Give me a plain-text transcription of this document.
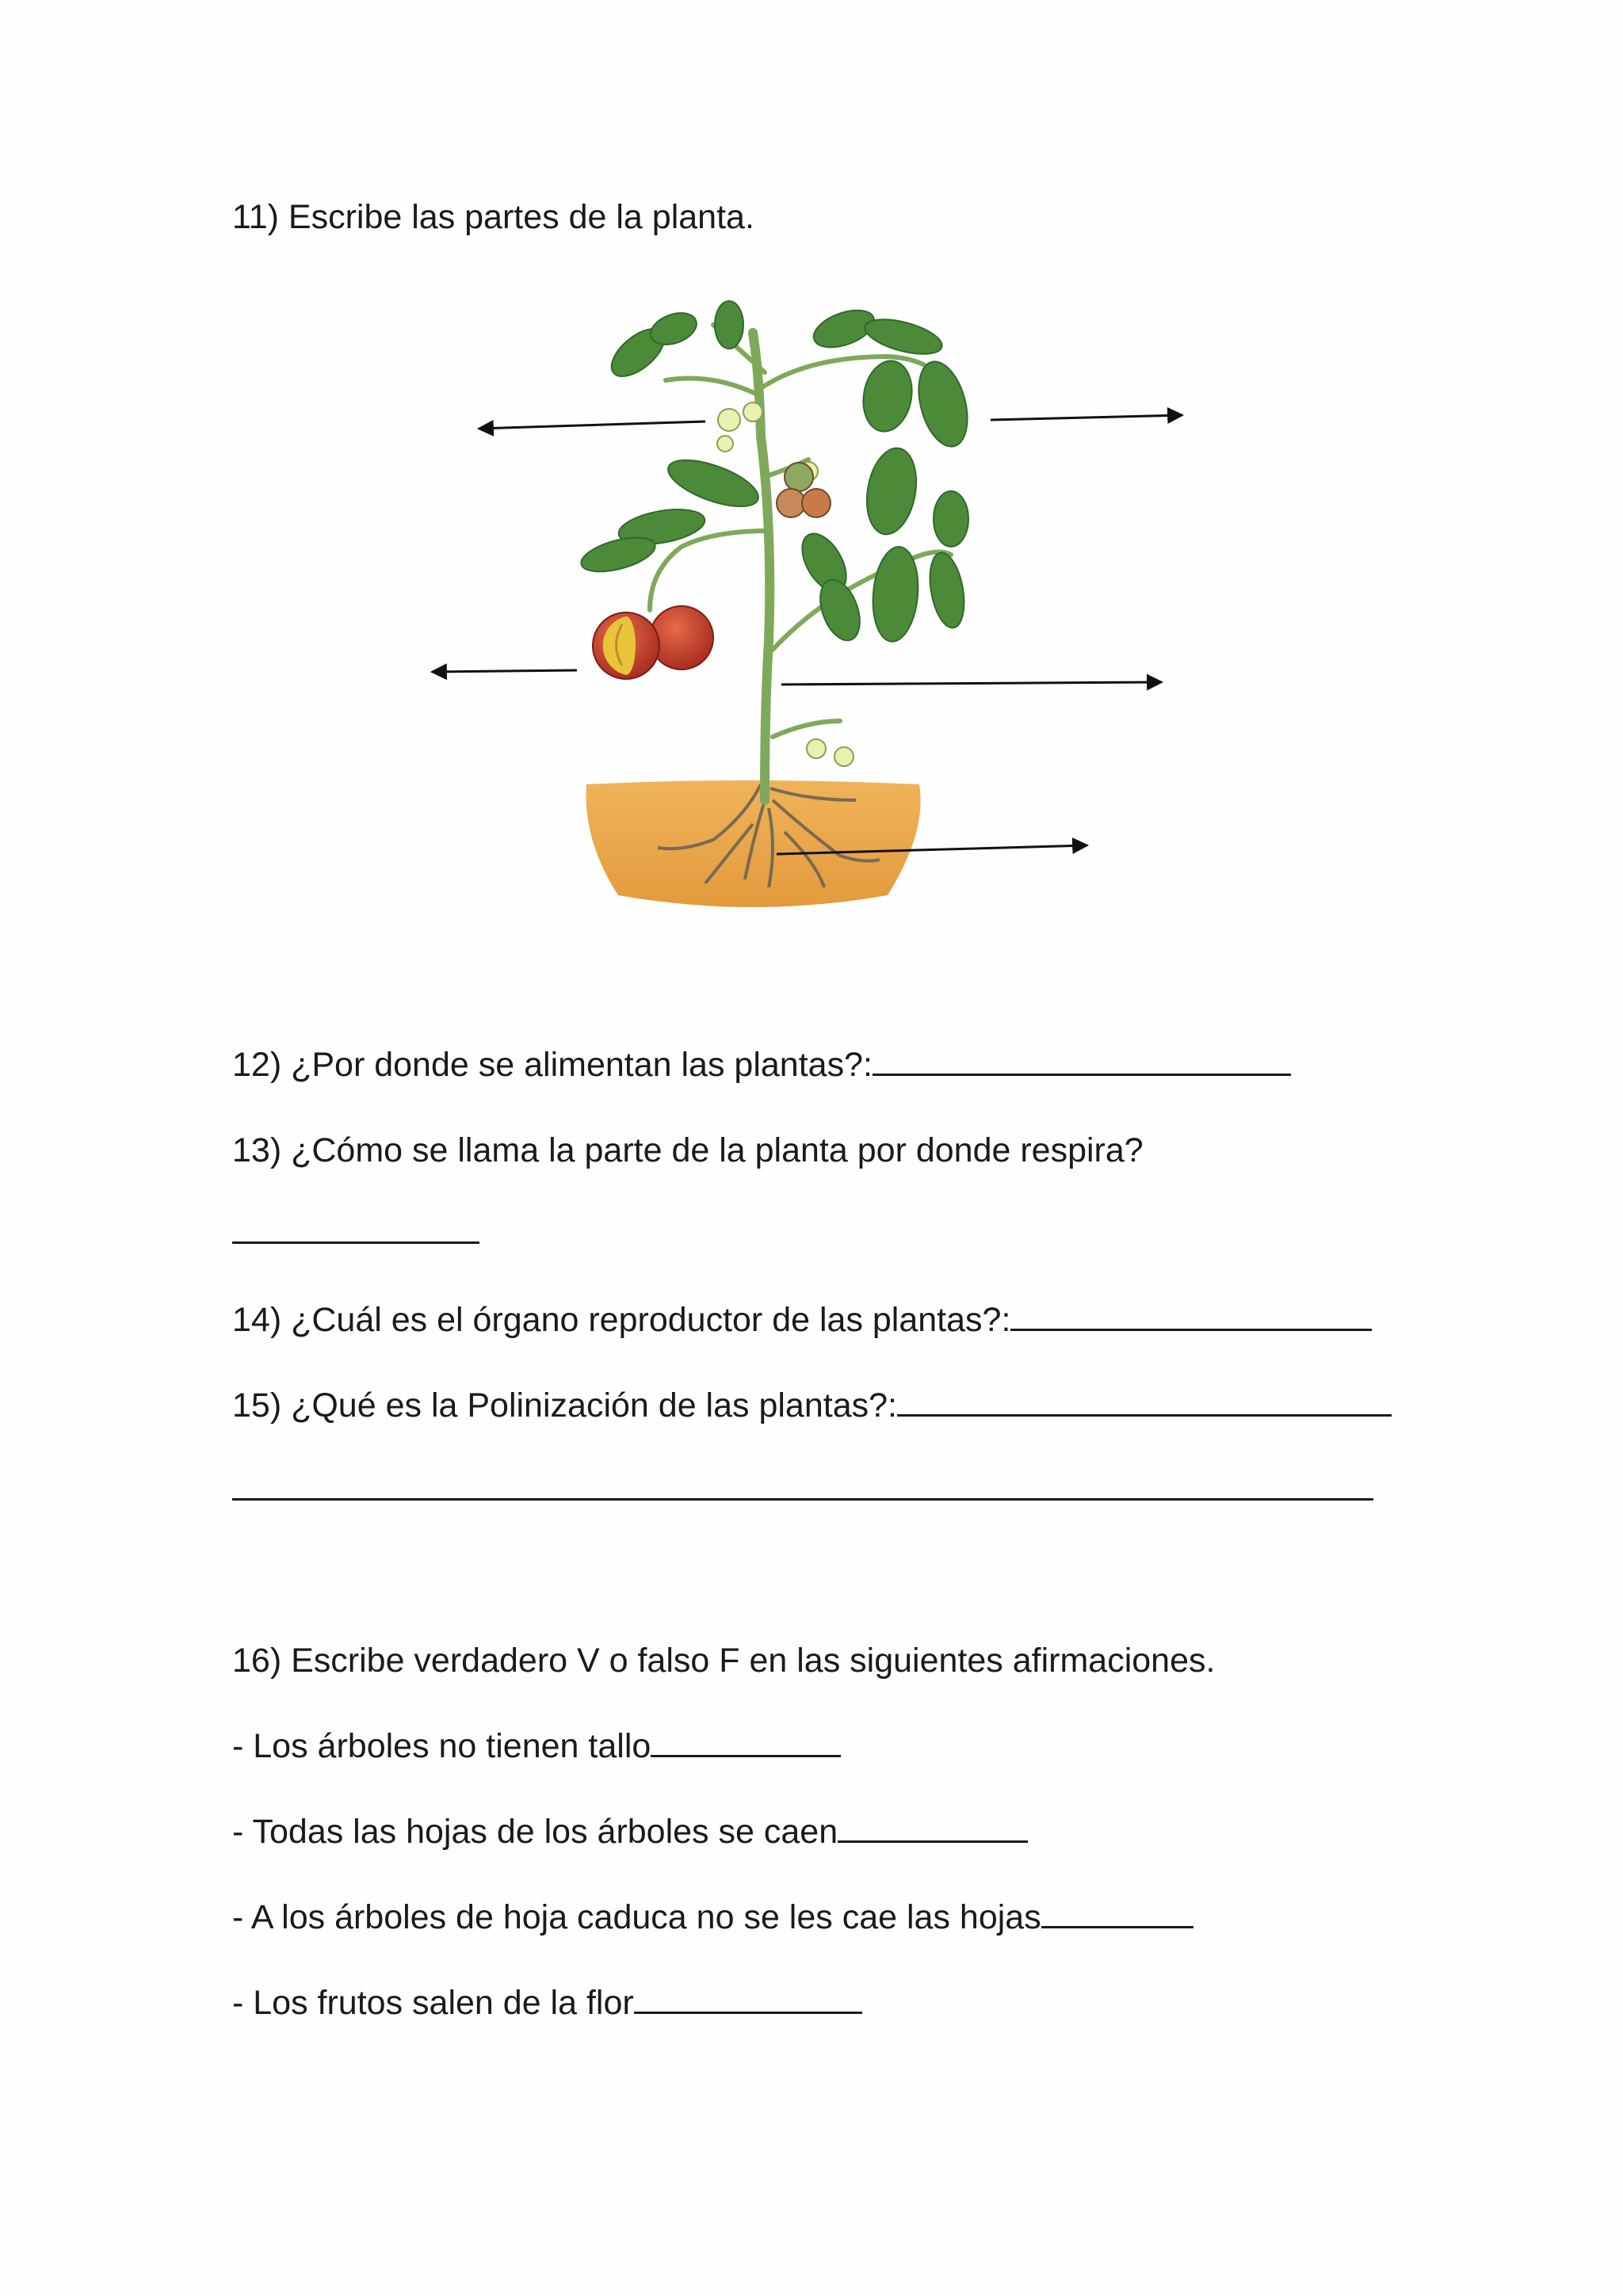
11) Escribe las partes de la planta.
12) ¿Por donde se alimentan las plantas?:
13) ¿Cómo se llama la parte de la planta por donde respira?
14) ¿Cuál es el órgano reproductor de las plantas?:
15) ¿Qué es la Polinización de las plantas?:
16) Escribe verdadero V o falso F en las siguientes afirmaciones.
- Los árboles no tienen tallo
- Todas las hojas de los árboles se caen
- A los árboles de hoja caduca no se les cae las hojas
- Los frutos salen de la flor
